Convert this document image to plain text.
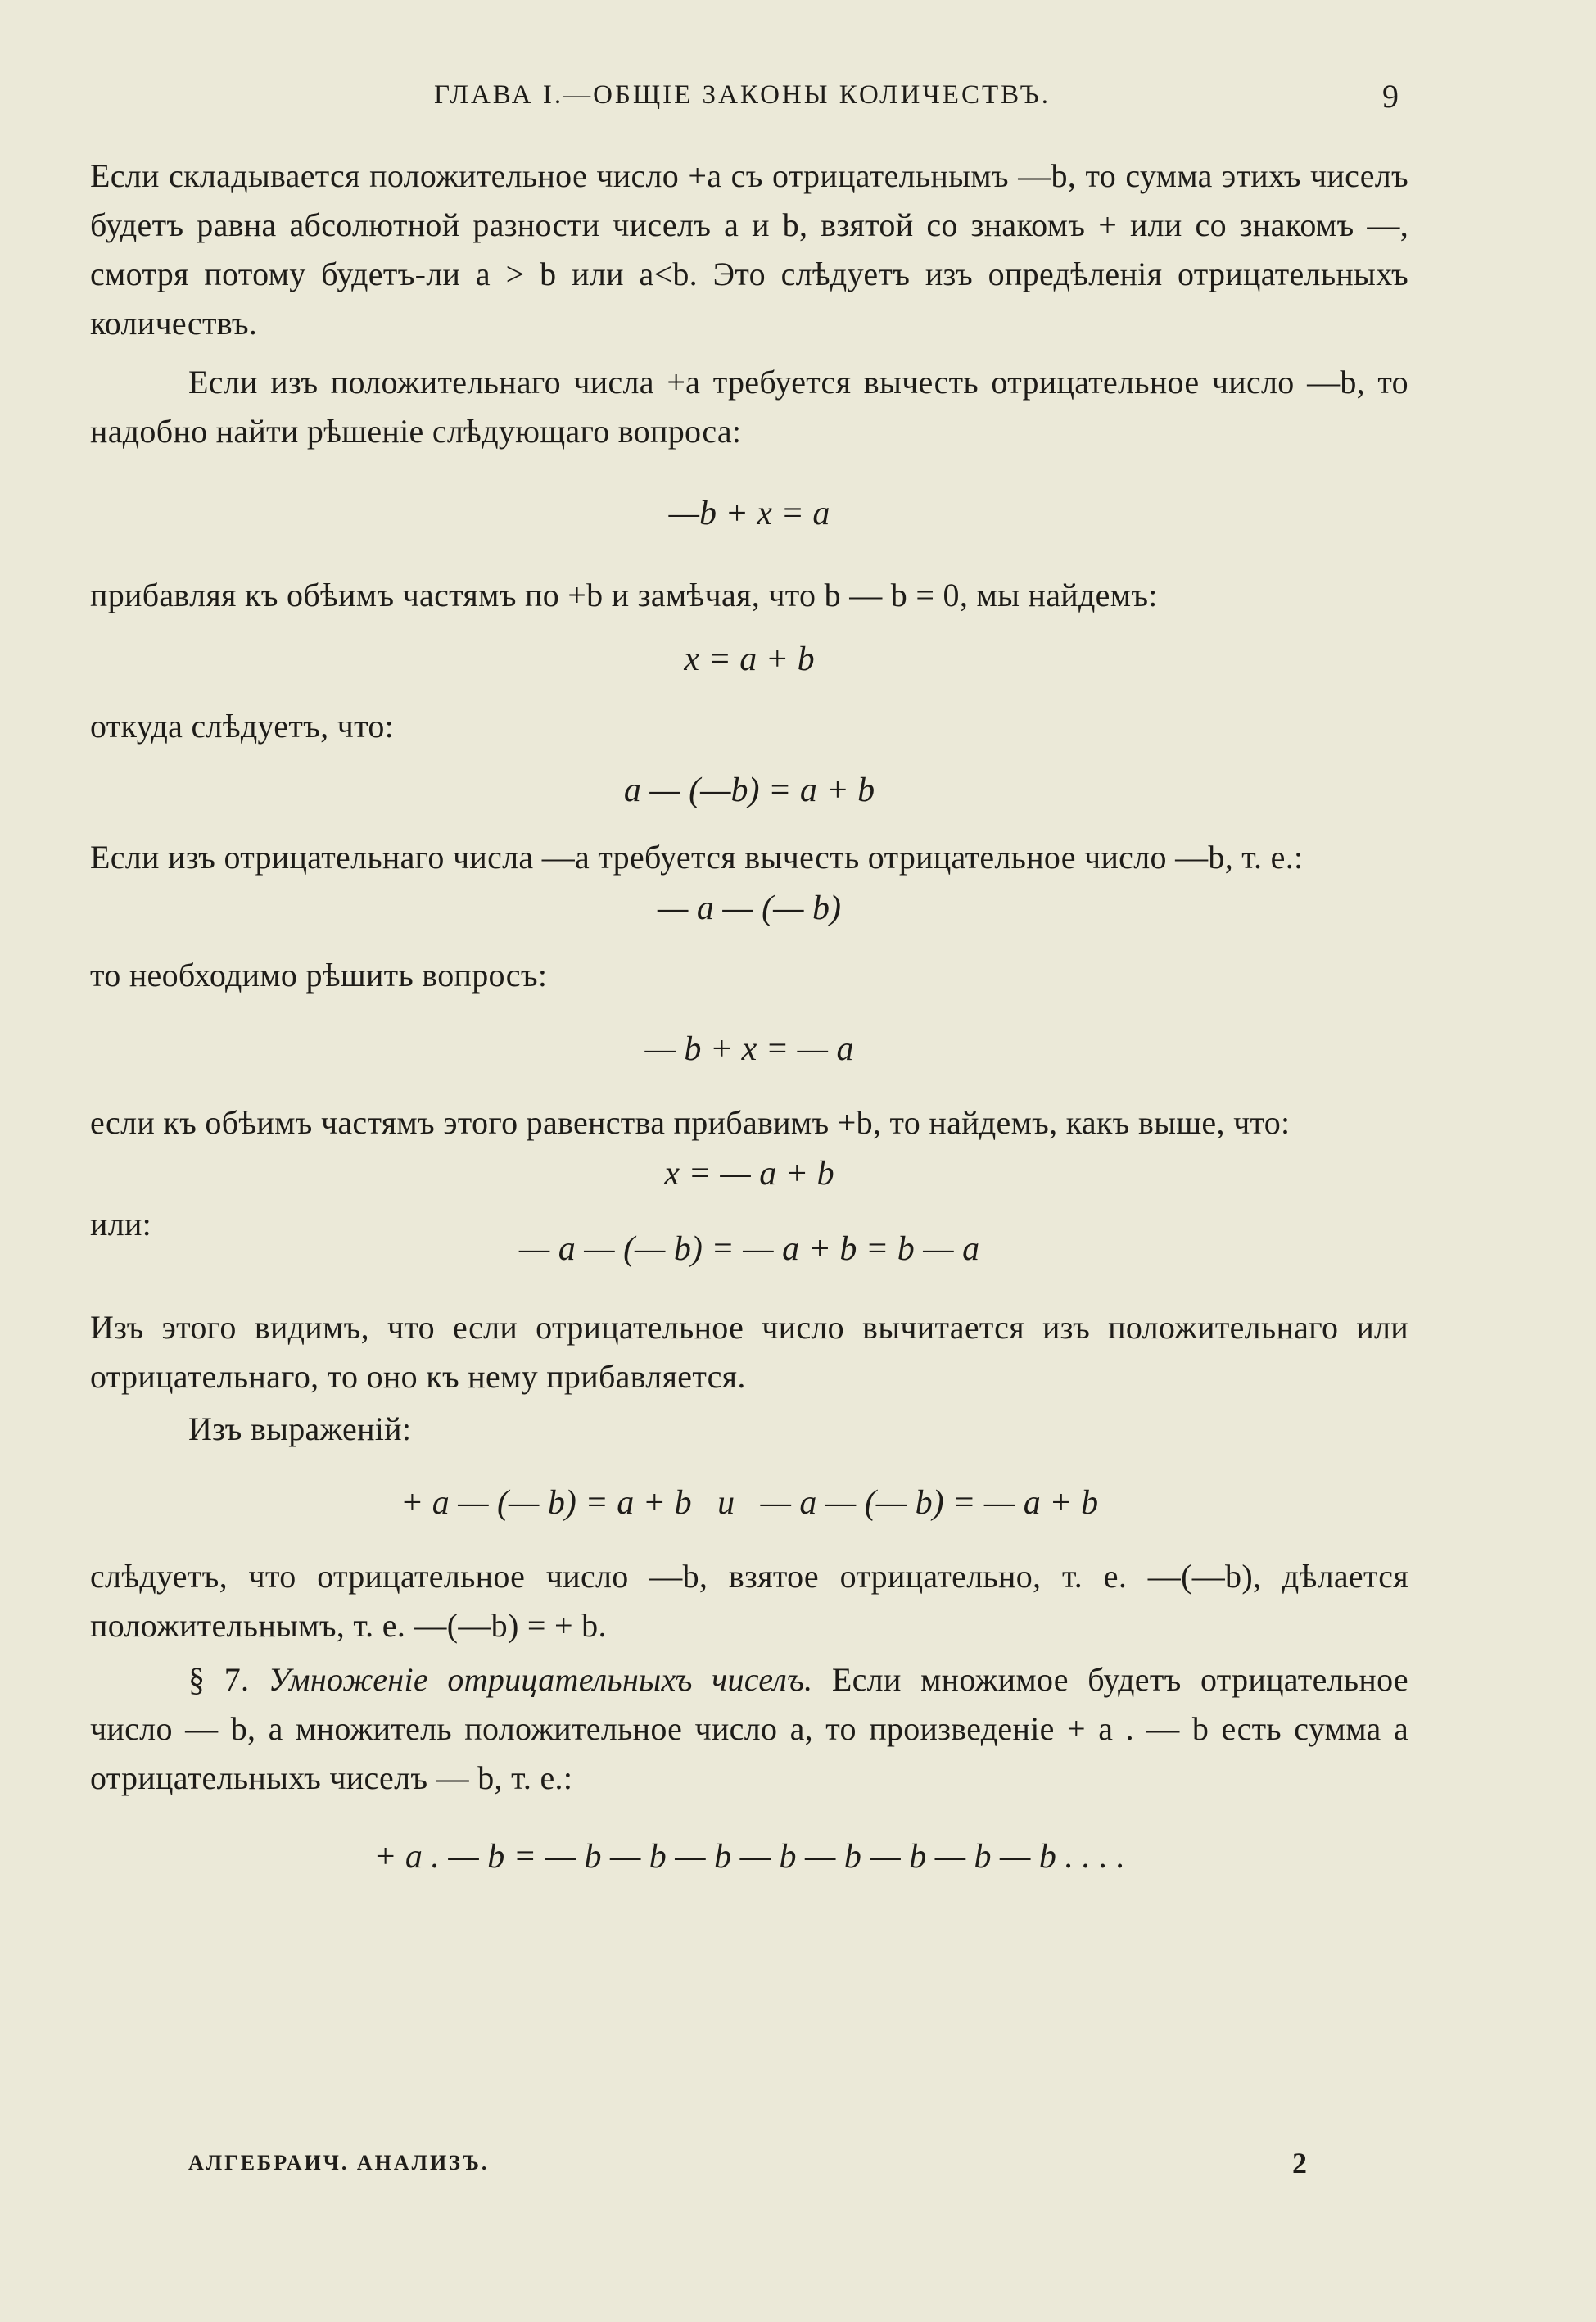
ГЛАВА I.—ОБЩІЕ ЗАКОНЫ КОЛИЧЕСТВЪ.	9

Если складывается положительное число +a съ отрицательнымъ —b, то сумма этихъ чиселъ будетъ равна абсолютной разности чиселъ a и b, взятой со знакомъ + или со знакомъ —, смотря потому будетъ-ли a > b или a<b. Это слѣдуетъ изъ опредѣленія отрицательныхъ количествъ.

Если изъ положительнаго числа +a требуется вычесть отрицательное число —b, то надобно найти рѣшеніе слѣдующаго вопроса:

—b + x = a

прибавляя къ обѣимъ частямъ по +b и замѣчая, что b — b = 0, мы найдемъ:

x = a + b

откуда слѣдуетъ, что:

a — (—b) = a + b

Если изъ отрицательнаго числа —a требуется вычесть отрицательное число —b, т. е.:

— a — (— b)

то необходимо рѣшить вопросъ:

— b + x = — a

если къ обѣимъ частямъ этого равенства прибавимъ +b, то найдемъ, какъ выше, что:

x = — a + b

или:

— a — (— b) = — a + b = b — a

Изъ этого видимъ, что если отрицательное число вычитается изъ положительнаго или отрицательнаго, то оно къ нему прибавляется.

Изъ выраженій:

+ a — (— b) = a + b   и   — a — (— b) = — a + b

слѣдуетъ, что отрицательное число —b, взятое отрицательно, т. е. —(—b), дѣлается положительнымъ, т. е. —(—b) = + b.

§ 7. Умноженіе отрицательныхъ чиселъ. Если множимое будетъ отрицательное число — b, а множитель положительное число a, то произведеніе + a . — b есть сумма a отрицательныхъ чиселъ — b, т. е.:

+ a . — b = — b — b — b — b — b — b — b — b . . . .
АЛГЕБРАИЧ. АНАЛИЗЪ.	2
